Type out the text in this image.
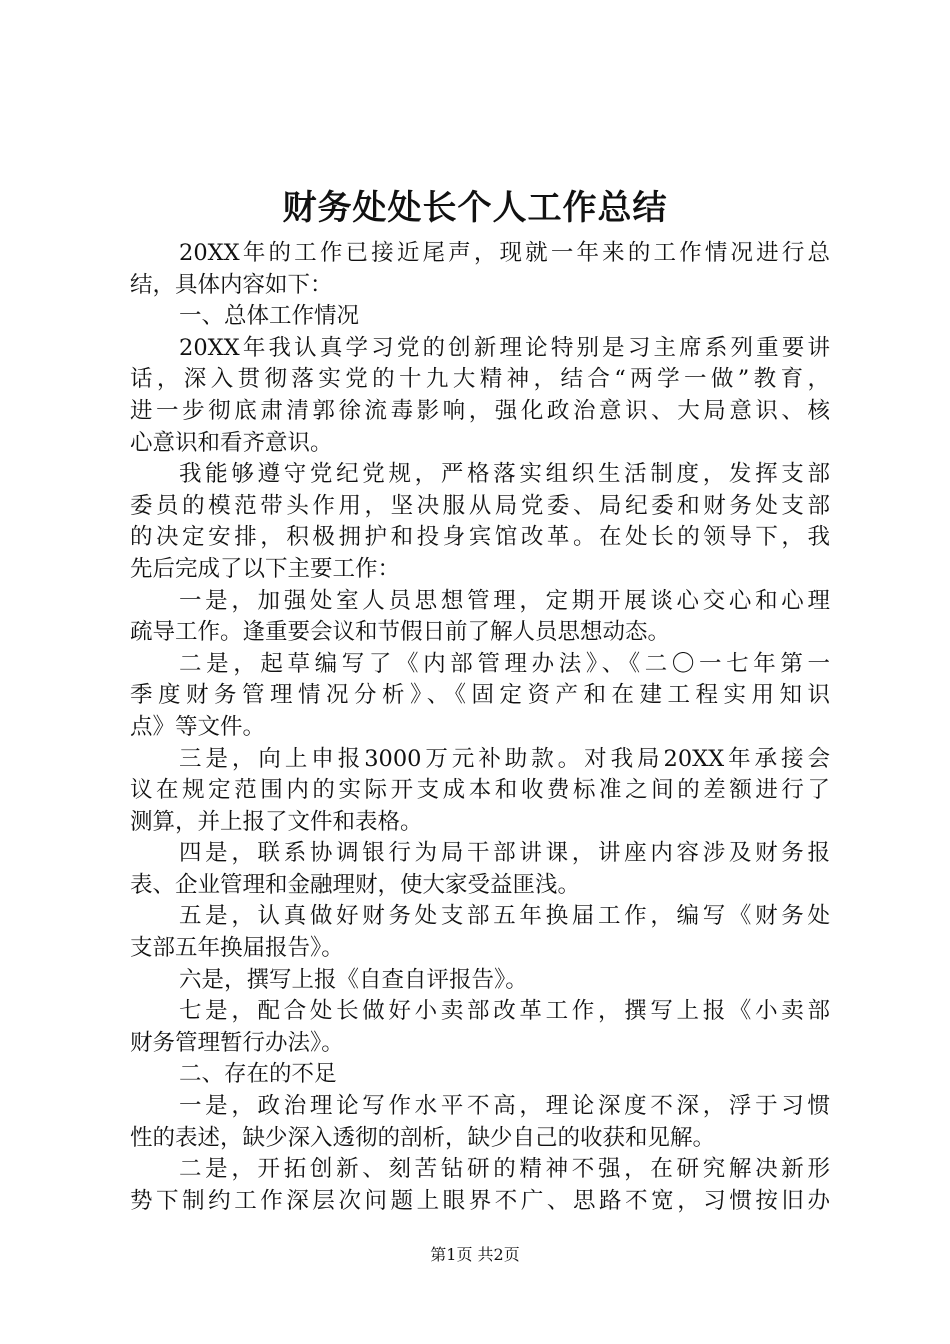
财务处处长个人工作总结
20XX年的工作已接近尾声，现就一年来的工作情况进行总
结，具体内容如下：
一、总体工作情况
20XX年我认真学习党的创新理论特别是习主席系列重要讲
话，深入贯彻落实党的十九大精神，结合“两学一做”教育，
进一步彻底肃清郭徐流毒影响，强化政治意识、大局意识、核
心意识和看齐意识。
我能够遵守党纪党规，严格落实组织生活制度，发挥支部
委员的模范带头作用，坚决服从局党委、局纪委和财务处支部
的决定安排，积极拥护和投身宾馆改革。在处长的领导下，我
先后完成了以下主要工作：
一是，加强处室人员思想管理，定期开展谈心交心和心理
疏导工作。逢重要会议和节假日前了解人员思想动态。
二是，起草编写了《内部管理办法》、《二〇一七年第一
季度财务管理情况分析》、《固定资产和在建工程实用知识
点》等文件。
三是，向上申报3000万元补助款。对我局20XX年承接会
议在规定范围内的实际开支成本和收费标准之间的差额进行了
测算，并上报了文件和表格。
四是，联系协调银行为局干部讲课，讲座内容涉及财务报
表、企业管理和金融理财，使大家受益匪浅。
五是，认真做好财务处支部五年换届工作，编写《财务处
支部五年换届报告》。
六是，撰写上报《自查自评报告》。
七是，配合处长做好小卖部改革工作，撰写上报《小卖部
财务管理暂行办法》。
二、存在的不足
一是，政治理论写作水平不高，理论深度不深，浮于习惯
性的表述，缺少深入透彻的剖析，缺少自己的收获和见解。
二是，开拓创新、刻苦钻研的精神不强，在研究解决新形
势下制约工作深层次问题上眼界不广、思路不宽，习惯按旧办
第1页 共2页
